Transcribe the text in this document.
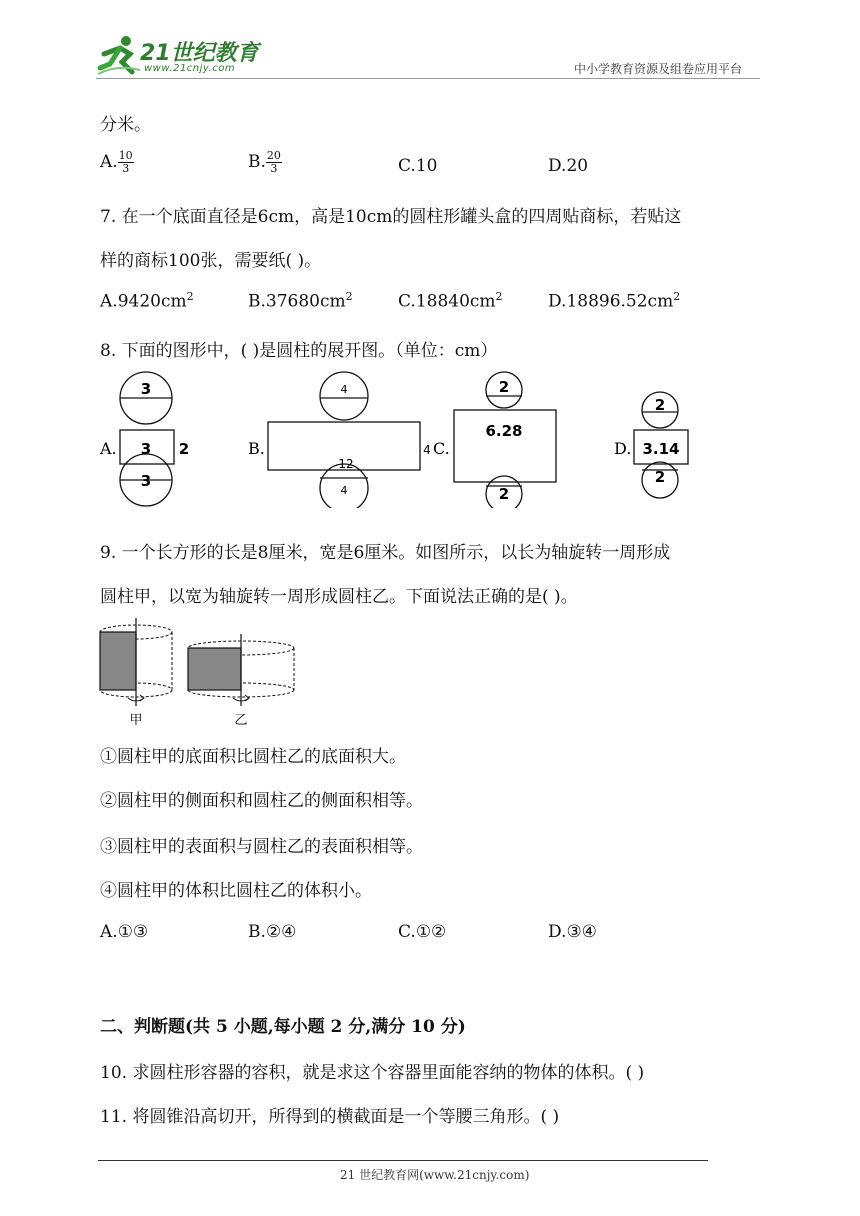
21世纪教育
www.21cnjy.com	中小学教育资源及组卷应用平台
分米。
A. $\frac{10}{3}$	B. $\frac{20}{3}$	C.10	D.20
7. 在一个底面直径是6cm，高是10cm的圆柱形罐头盒的四周贴商标，若贴这
样的商标100张，需要纸( )。
$A.9420cm^2$	$B.37680cm^2$	$C.18840cm^2$	$D.18896.52cm^2$
8. 下面的图形中，( )是圆柱的展开图。（单位：cm）
3
3 2
3
A.
4
12
4
4
B.
2
6.28
2
C.
2
3.14
2
D.
9. 一个长方形的长是8厘米，宽是6厘米。如图所示，以长为轴旋转一周形成
圆柱甲，以宽为轴旋转一周形成圆柱乙。下面说法正确的是( )。
甲	乙
①圆柱甲的底面积比圆柱乙的底面积大。
②圆柱甲的侧面积和圆柱乙的侧面积相等。
③圆柱甲的表面积与圆柱乙的表面积相等。
④圆柱甲的体积比圆柱乙的体积小。
A.①③	B.②④	C.①②	D.③④
二、判断题(共 5 小题,每小题 2 分,满分 10 分)
10. 求圆柱形容器的容积，就是求这个容器里面能容纳的物体的体积。( )
11. 将圆锥沿高切开，所得到的横截面是一个等腰三角形。( )
21 世纪教育网(www.21cnjy.com)
